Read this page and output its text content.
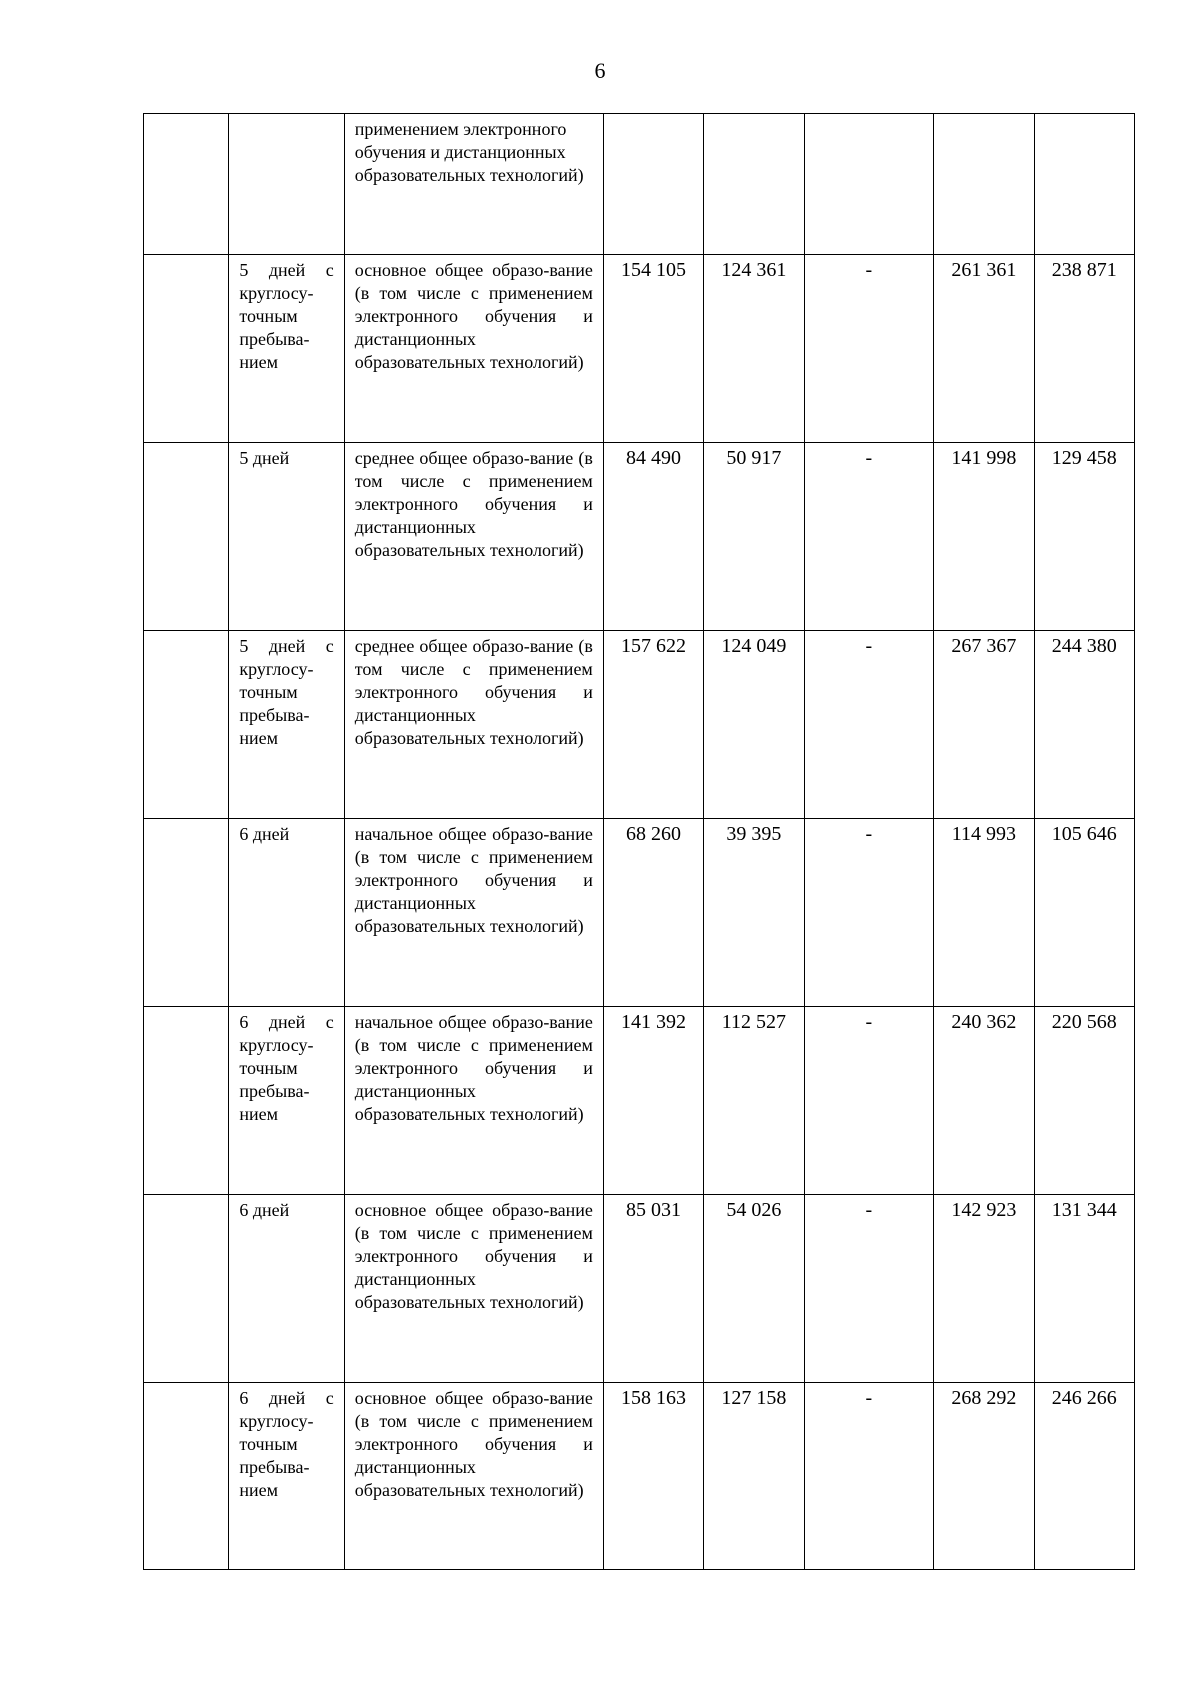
6
		применением электронного обучения и дистанционных образовательных технологий)					
	5 дней с круглосу-точным пребыва-нием	основное общее образо-вание (в том числе с применением электронного обучения и дистанционных образовательных технологий)	154 105	124 361	-	261 361	238 871
	5 дней	среднее общее образо-вание (в том числе с применением электронного обучения и дистанционных образовательных технологий)	84 490	50 917	-	141 998	129 458
	5 дней с круглосу-точным пребыва-нием	среднее общее образо-вание (в том числе с применением электронного обучения и дистанционных образовательных технологий)	157 622	124 049	-	267 367	244 380
	6 дней	начальное общее образо-вание (в том числе с применением электронного обучения и дистанционных образовательных технологий)	68 260	39 395	-	114 993	105 646
	6 дней с круглосу-точным пребыва-нием	начальное общее образо-вание (в том числе с применением электронного обучения и дистанционных образовательных технологий)	141 392	112 527	-	240 362	220 568
	6 дней	основное общее образо-вание (в том числе с применением электронного обучения и дистанционных образовательных технологий)	85 031	54 026	-	142 923	131 344
	6 дней с круглосу-точным пребыва-нием	основное общее образо-вание (в том числе с применением электронного обучения и дистанционных образовательных технологий)	158 163	127 158	-	268 292	246 266
